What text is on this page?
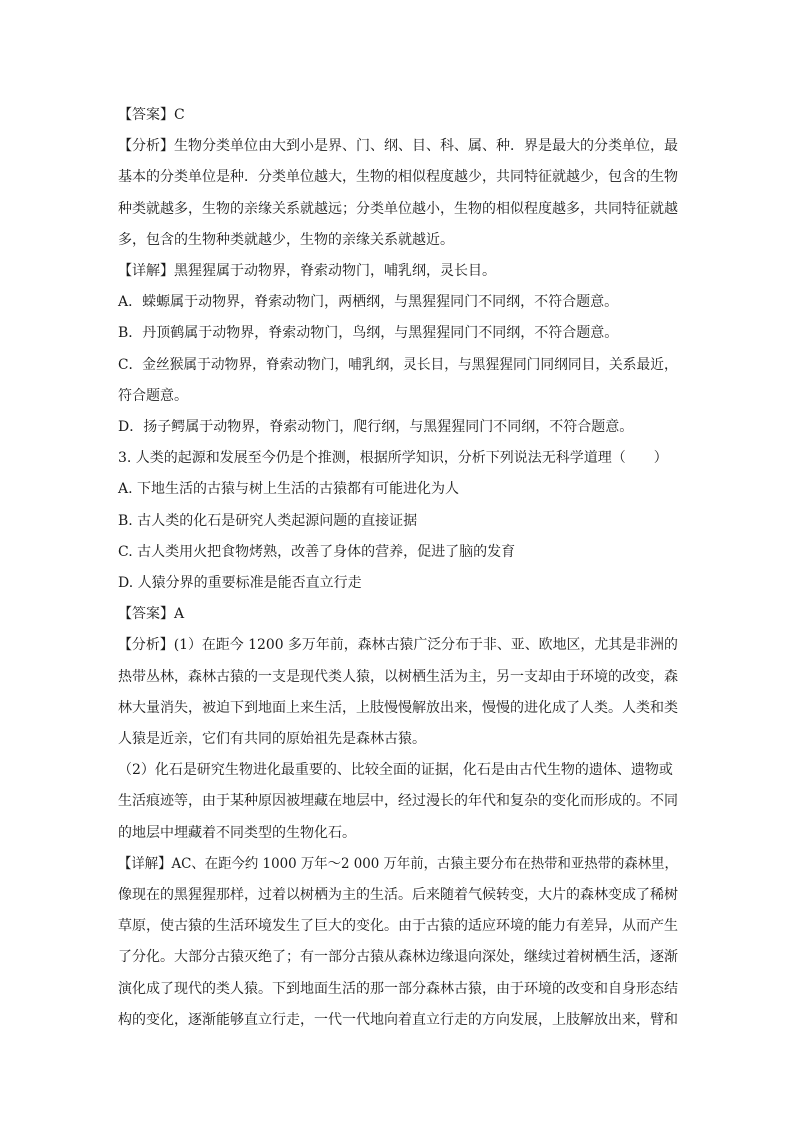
【答案】C
【分析】生物分类单位由大到小是界、门、纲、目、科、属、种．界是最大的分类单位，最
基本的分类单位是种．分类单位越大，生物的相似程度越少，共同特征就越少，包含的生物
种类就越多，生物的亲缘关系就越远；分类单位越小，生物的相似程度越多，共同特征就越
多，包含的生物种类就越少，生物的亲缘关系就越近。
【详解】黑猩猩属于动物界，脊索动物门，哺乳纲，灵长目。
A．蝾螈属于动物界，脊索动物门，两栖纲，与黑猩猩同门不同纲，不符合题意。
B．丹顶鹤属于动物界，脊索动物门，鸟纲，与黑猩猩同门不同纲，不符合题意。
C．金丝猴属于动物界，脊索动物门，哺乳纲，灵长目，与黑猩猩同门同纲同目，关系最近，
符合题意。
D．扬子鳄属于动物界，脊索动物门，爬行纲，与黑猩猩同门不同纲，不符合题意。
3. 人类的起源和发展至今仍是个推测，根据所学知识，分析下列说法无科学道理（　　）
A. 下地生活的古猿与树上生活的古猿都有可能进化为人
B. 古人类的化石是研究人类起源问题的直接证据
C. 古人类用火把食物烤熟，改善了身体的营养，促进了脑的发育
D. 人猿分界的重要标准是能否直立行走
【答案】A
【分析】(1）在距今 1200 多万年前，森林古猿广泛分布于非、亚、欧地区，尤其是非洲的
热带丛林，森林古猿的一支是现代类人猿，以树栖生活为主，另一支却由于环境的改变，森
林大量消失，被迫下到地面上来生活，上肢慢慢解放出来，慢慢的进化成了人类。人类和类
人猿是近亲，它们有共同的原始祖先是森林古猿。
（2）化石是研究生物进化最重要的、比较全面的证据，化石是由古代生物的遗体、遗物或
生活痕迹等，由于某种原因被埋藏在地层中，经过漫长的年代和复杂的变化而形成的。不同
的地层中埋藏着不同类型的生物化石。
【详解】AC、在距今约 1000 万年～2 000 万年前，古猿主要分布在热带和亚热带的森林里，
像现在的黑猩猩那样，过着以树栖为主的生活。后来随着气候转变，大片的森林变成了稀树
草原，使古猿的生活环境发生了巨大的变化。由于古猿的适应环境的能力有差异，从而产生
了分化。大部分古猿灭绝了；有一部分古猿从森林边缘退向深处，继续过着树栖生活，逐渐
演化成了现代的类人猿。下到地面生活的那一部分森林古猿，由于环境的改变和自身形态结
构的变化，逐渐能够直立行走，一代一代地向着直立行走的方向发展，上肢解放出来，臂和
